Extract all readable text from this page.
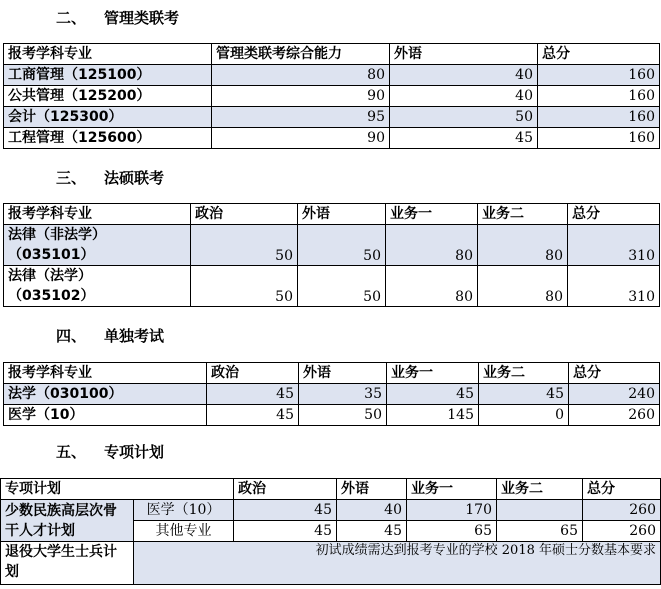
二、 管理类联考
报考学科专业	管理类联考综合能力	外语	总分
工商管理（125100）	80	40	160
公共管理（125200）	90	40	160
会计（125300）	95	50	160
工程管理（125600）	90	45	160
三、 法硕联考
报考学科专业	政治	外语	业务一	业务二	总分

法律（非法学）
（035101）	50	50	80	80	310

法律（法学）
（035102）	50	50	80	80	310
四、 单独考试
报考学科专业	政治	外语	业务一	业务二	总分
法学（030100）	45	35	45	45	240
医学（10）	45	50	145	0	260
五、 专项计划
专项计划		政治	外语	业务一	业务二	总分
少数民族高层次骨干人才计划	医学（10）	45	40	170		260
	其他专业	45	45	65	65	260
退役大学生士兵计划	初试成绩需达到报考专业的学校 2018 年硕士分数基本要求					
